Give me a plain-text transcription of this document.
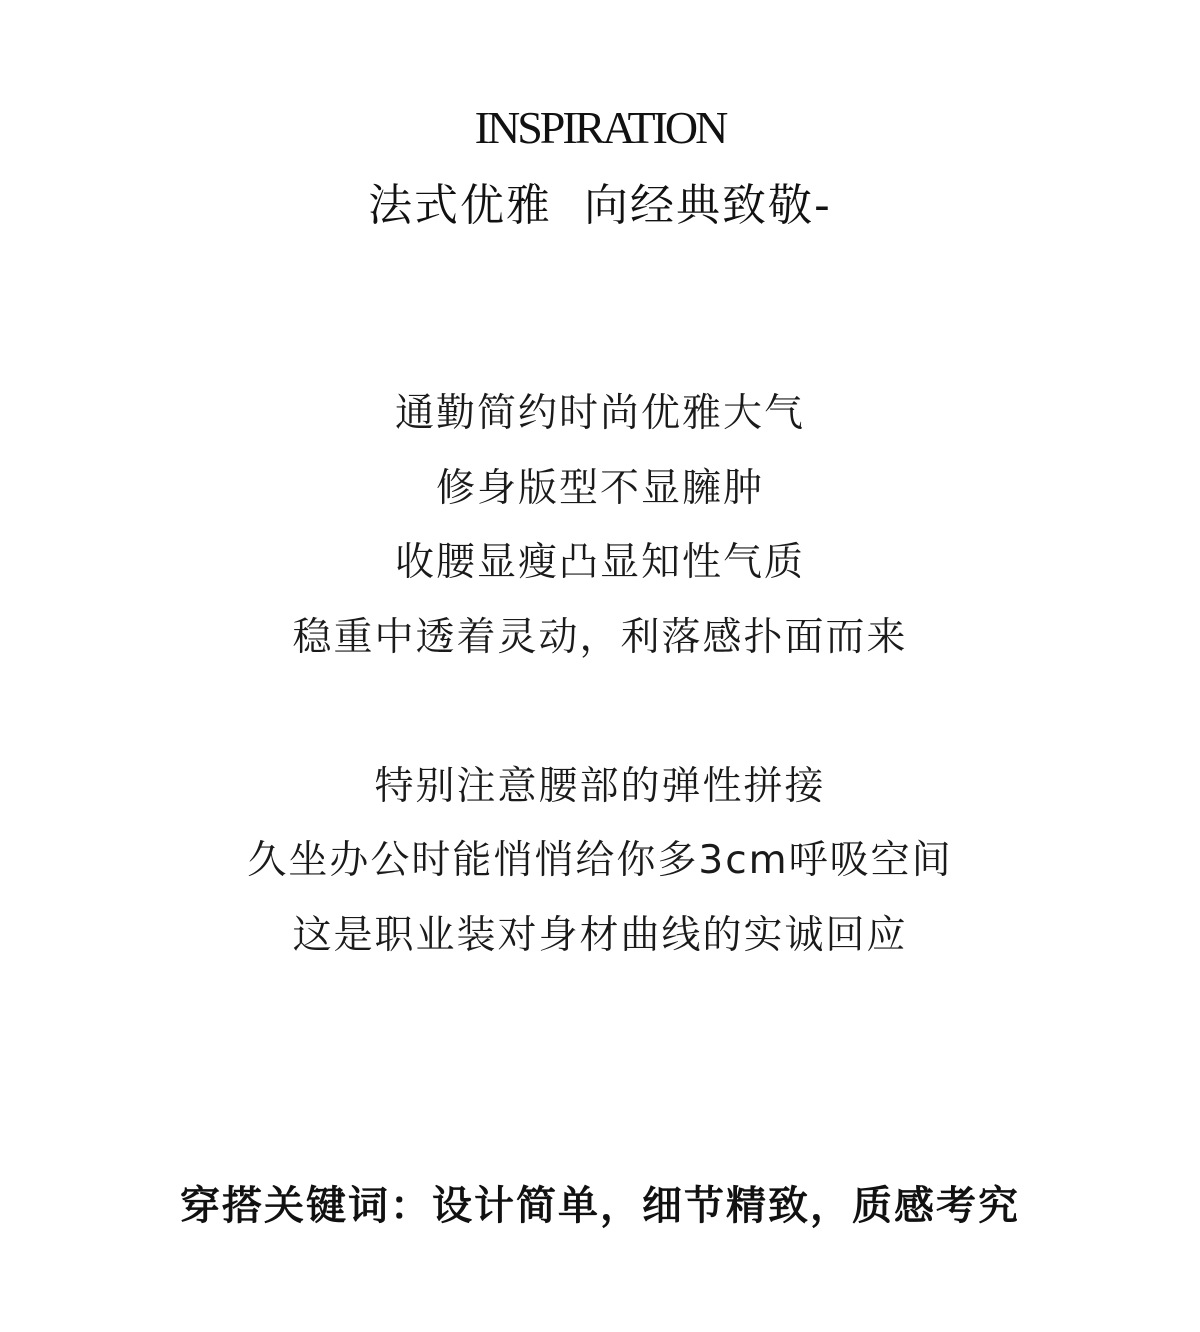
INSPIRATION
法式优雅  向经典致敬-
通勤简约时尚优雅大气
修身版型不显臃肿
收腰显瘦凸显知性气质
稳重中透着灵动，利落感扑面而来
特别注意腰部的弹性拼接
久坐办公时能悄悄给你多3cm呼吸空间
这是职业装对身材曲线的实诚回应
穿搭关键词：设计简单，细节精致，质感考究
